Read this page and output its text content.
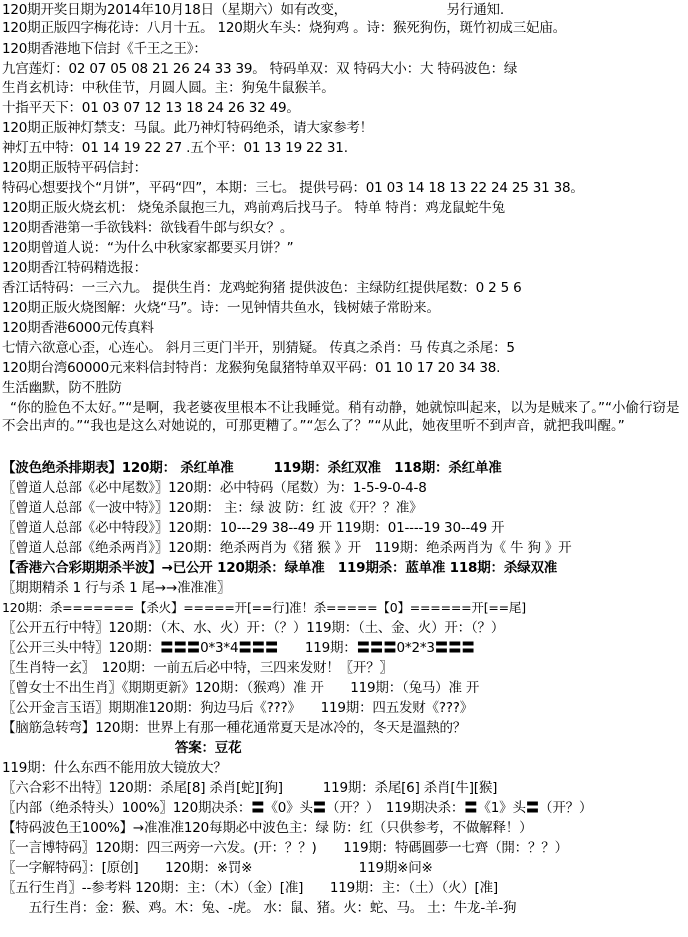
120期开奖日期为2014年10月18日（星期六）如有改变，　　　　　　　　另行通知.
120期正版四字梅花诗：八月十五。 120期火车头：烧狗鸡 。诗：猴死狗伤，斑竹初成三妃庙。
120期香港地下信封《千王之王》：
九宫莲灯：02 07 05 08 21 26 24 33 39。 特码单双：双 特码大小：大 特码波色：绿
生肖玄机诗：中秋佳节，月圆人圆。主：狗兔牛鼠猴羊。
十指平天下：01 03 07 12 13 18 24 26 32 49。
120期正版神灯禁支：马鼠。此乃神灯特码绝杀，请大家参考！
神灯五中特：01 14 19 22 27 .五个平：01 13 19 22 31.
120期正版特平码信封：
特码心想要找个“月饼”，平码“四”，本期：三七。 提供号码：01 03 14 18 13 22 24 25 31 38。
120期正版火烧玄机： 烧兔杀鼠抱三九，鸡前鸡后找马子。 特单 特肖：鸡龙鼠蛇牛兔
120期香港第一手欲钱料：欲钱看牛郎与织女？。
120期曾道人说：“为什么中秋家家都要买月饼？”
120期香江特码精选报：
香江话特码：一三六九。 提供生肖：龙鸡蛇狗猪 提供波色：主绿防红提供尾数：0 2 5 6
120期正版火烧图解：火烧“马”。诗：一见钟情共鱼水，钱树婊子常盼来。
120期香港6000元传真料
七情六欲意心歪，心连心。 斜月三更门半开，别猜疑。 传真之杀肖：马 传真之杀尾：5
120期台湾60000元来料信封特肖：龙猴狗兔鼠猪特单双平码：01 10 17 20 34 38.
生活幽默，防不胜防
“你的脸色不太好。”“是啊，我老婆夜里根本不让我睡觉。稍有动静，她就惊叫起来，以为是贼来了。”“小偷行窃是不会出声的。”“我也是这么对她说的，可那更糟了。”“怎么了？”“从此，她夜里听不到声音，就把我叫醒。”
【波色绝杀排期表】120期： 杀红单准　　　119期：杀红双准　118期：杀红单准
〖曾道人总部《必中尾数》〗120期：必中特码（尾数）为：1-5-9-0-4-8
〖曾道人总部《一波中特》〗120期： 主：绿 波 防：红 波《开？？准》
〖曾道人总部《必中特段》〗120期：10---29 38--49 开 119期：01----19 30--49 开
〖曾道人总部《绝杀两肖》〗120期：绝杀两肖为《猪 猴 》开　119期：绝杀两肖为《 牛 狗 》开
【香港六合彩期期杀半波】→已公开 120期杀：绿单准　119期杀：蓝单准 118期：杀绿双准
〖期期精杀 1 行与杀 1 尾→→准准准〗
120期：杀=======【杀火】=====开[==行]准！杀=====【0】======开[==尾]
〖公开五行中特〗120期：（木、水、火）开：（？）119期：（土、金、火）开：（？）
〖公开三头中特〗120期：〓〓〓0*3*4〓〓〓　　119期：〓〓〓0*2*3〓〓〓
〖生肖特一玄〗　120期：一前五后必中特，三四来发财！〖开？〗
〖曾女士不出生肖〗《期期更新》120期：（猴鸡）准 开　　119期：（兔马）准 开
〖公开金言玉语〗期期准120期：狗边马后《???》　　119期：四五发财《???》
【脑筋急转弯】120期：世界上有那一種花通常夏天是冰冷的，冬天是溫熱的？
　　　　　　　　　　　　　答案：豆花
119期：什么东西不能用放大镜放大？
〖六合彩不出特〗120期：杀尾[8] 杀肖[蛇][狗]　　　119期：杀尾[6] 杀肖[牛][猴]
〖内部（绝杀特头）100%〗120期决杀：〓《0》头〓（开？）　119期决杀：〓《1》头〓（开？）
【特码波色王100%】→准准准120每期必中波色主：绿 防：红（只供参考，不做解释！）
〖一言博特码〗120期：四三两旁一六发。(开：？？)　　119期：特碼圓夢一七齊（開：？？）
〖一字解特码〗：[原创]　　120期：※罚※　　　　　　　　119期※问※
〖五行生肖〗--参考料 120期：主：（木）（金）[准]　　119期：主：（土）（火）[准]
　　五行生肖：金：猴、鸡。木：兔、-虎。 水：鼠、猪。火：蛇、马。 土：牛龙-羊-狗
